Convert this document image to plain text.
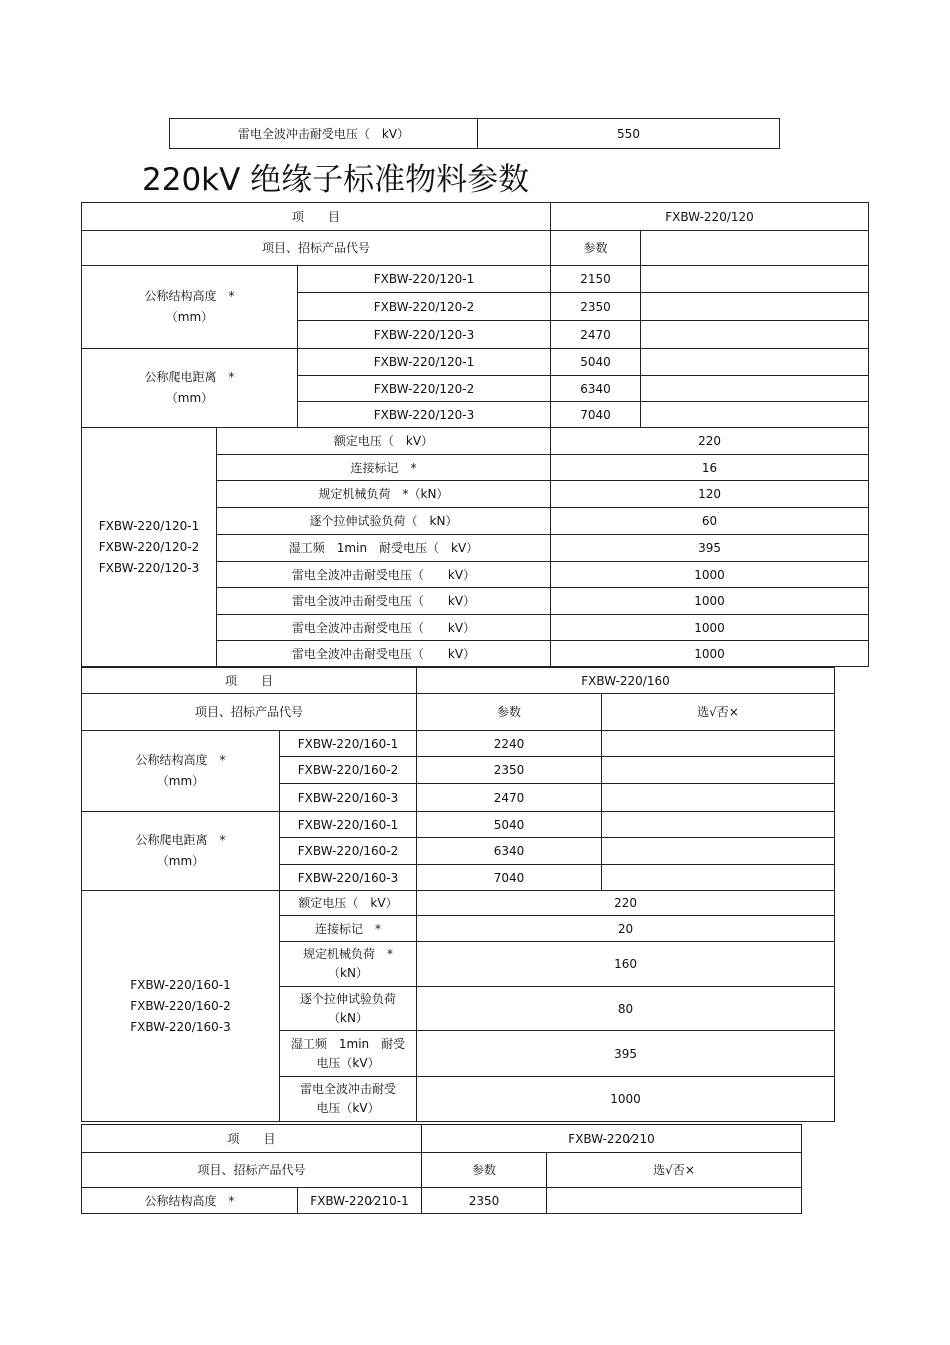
雷电全波冲击耐受电压（　kV）	550
220kV 绝缘子标准物料参数
项　　目			FXBW-220/120	
项目、招标产品代号			参数	

公称结构高度　*
（mm）		FXBW-220/120-1	2150	
		FXBW-220/120-2	2350	
		FXBW-220/120-3	2470	

公称爬电距离　*
（mm）		FXBW-220/120-1	5040	
		FXBW-220/120-2	6340	
		FXBW-220/120-3	7040	

FXBW-220/120-1
FXBW-220/120-2
FXBW-220/120-3	额定电压（　kV）		220	
	连接标记　*		16	
	规定机械负荷　*（kN）		120	
	逐个拉伸试验负荷（　kN）		60	
	湿工频　1min　耐受电压（　kV）		395	
	雷电全波冲击耐受电压（　　kV）		1000	
	雷电全波冲击耐受电压（　　kV）		1000	
	雷电全波冲击耐受电压（　　kV）		1000	
	雷电全波冲击耐受电压（　　kV）		1000	
项　　目		FXBW-220/160	
项目、招标产品代号		参数	选√否×

公称结构高度　*
（mm）	FXBW-220/160-1	2240	
	FXBW-220/160-2	2350	
	FXBW-220/160-3	2470	

公称爬电距离　*
（mm）	FXBW-220/160-1	5040	
	FXBW-220/160-2	6340	
	FXBW-220/160-3	7040	

FXBW-220/160-1
FXBW-220/160-2
FXBW-220/160-3	额定电压（　kV）	220	
	连接标记　*	20	

	规定机械负荷　*
（kN）	160	

	逐个拉伸试验负荷
（kN）	80	

	湿工频　1min　耐受
电压（kV）	395	

	雷电全波冲击耐受
电压（kV）	1000	
项　　目		FXBW-220⁄210	
项目、招标产品代号		参数	选√否×
公称结构高度　*	FXBW-220⁄210-1	2350	
